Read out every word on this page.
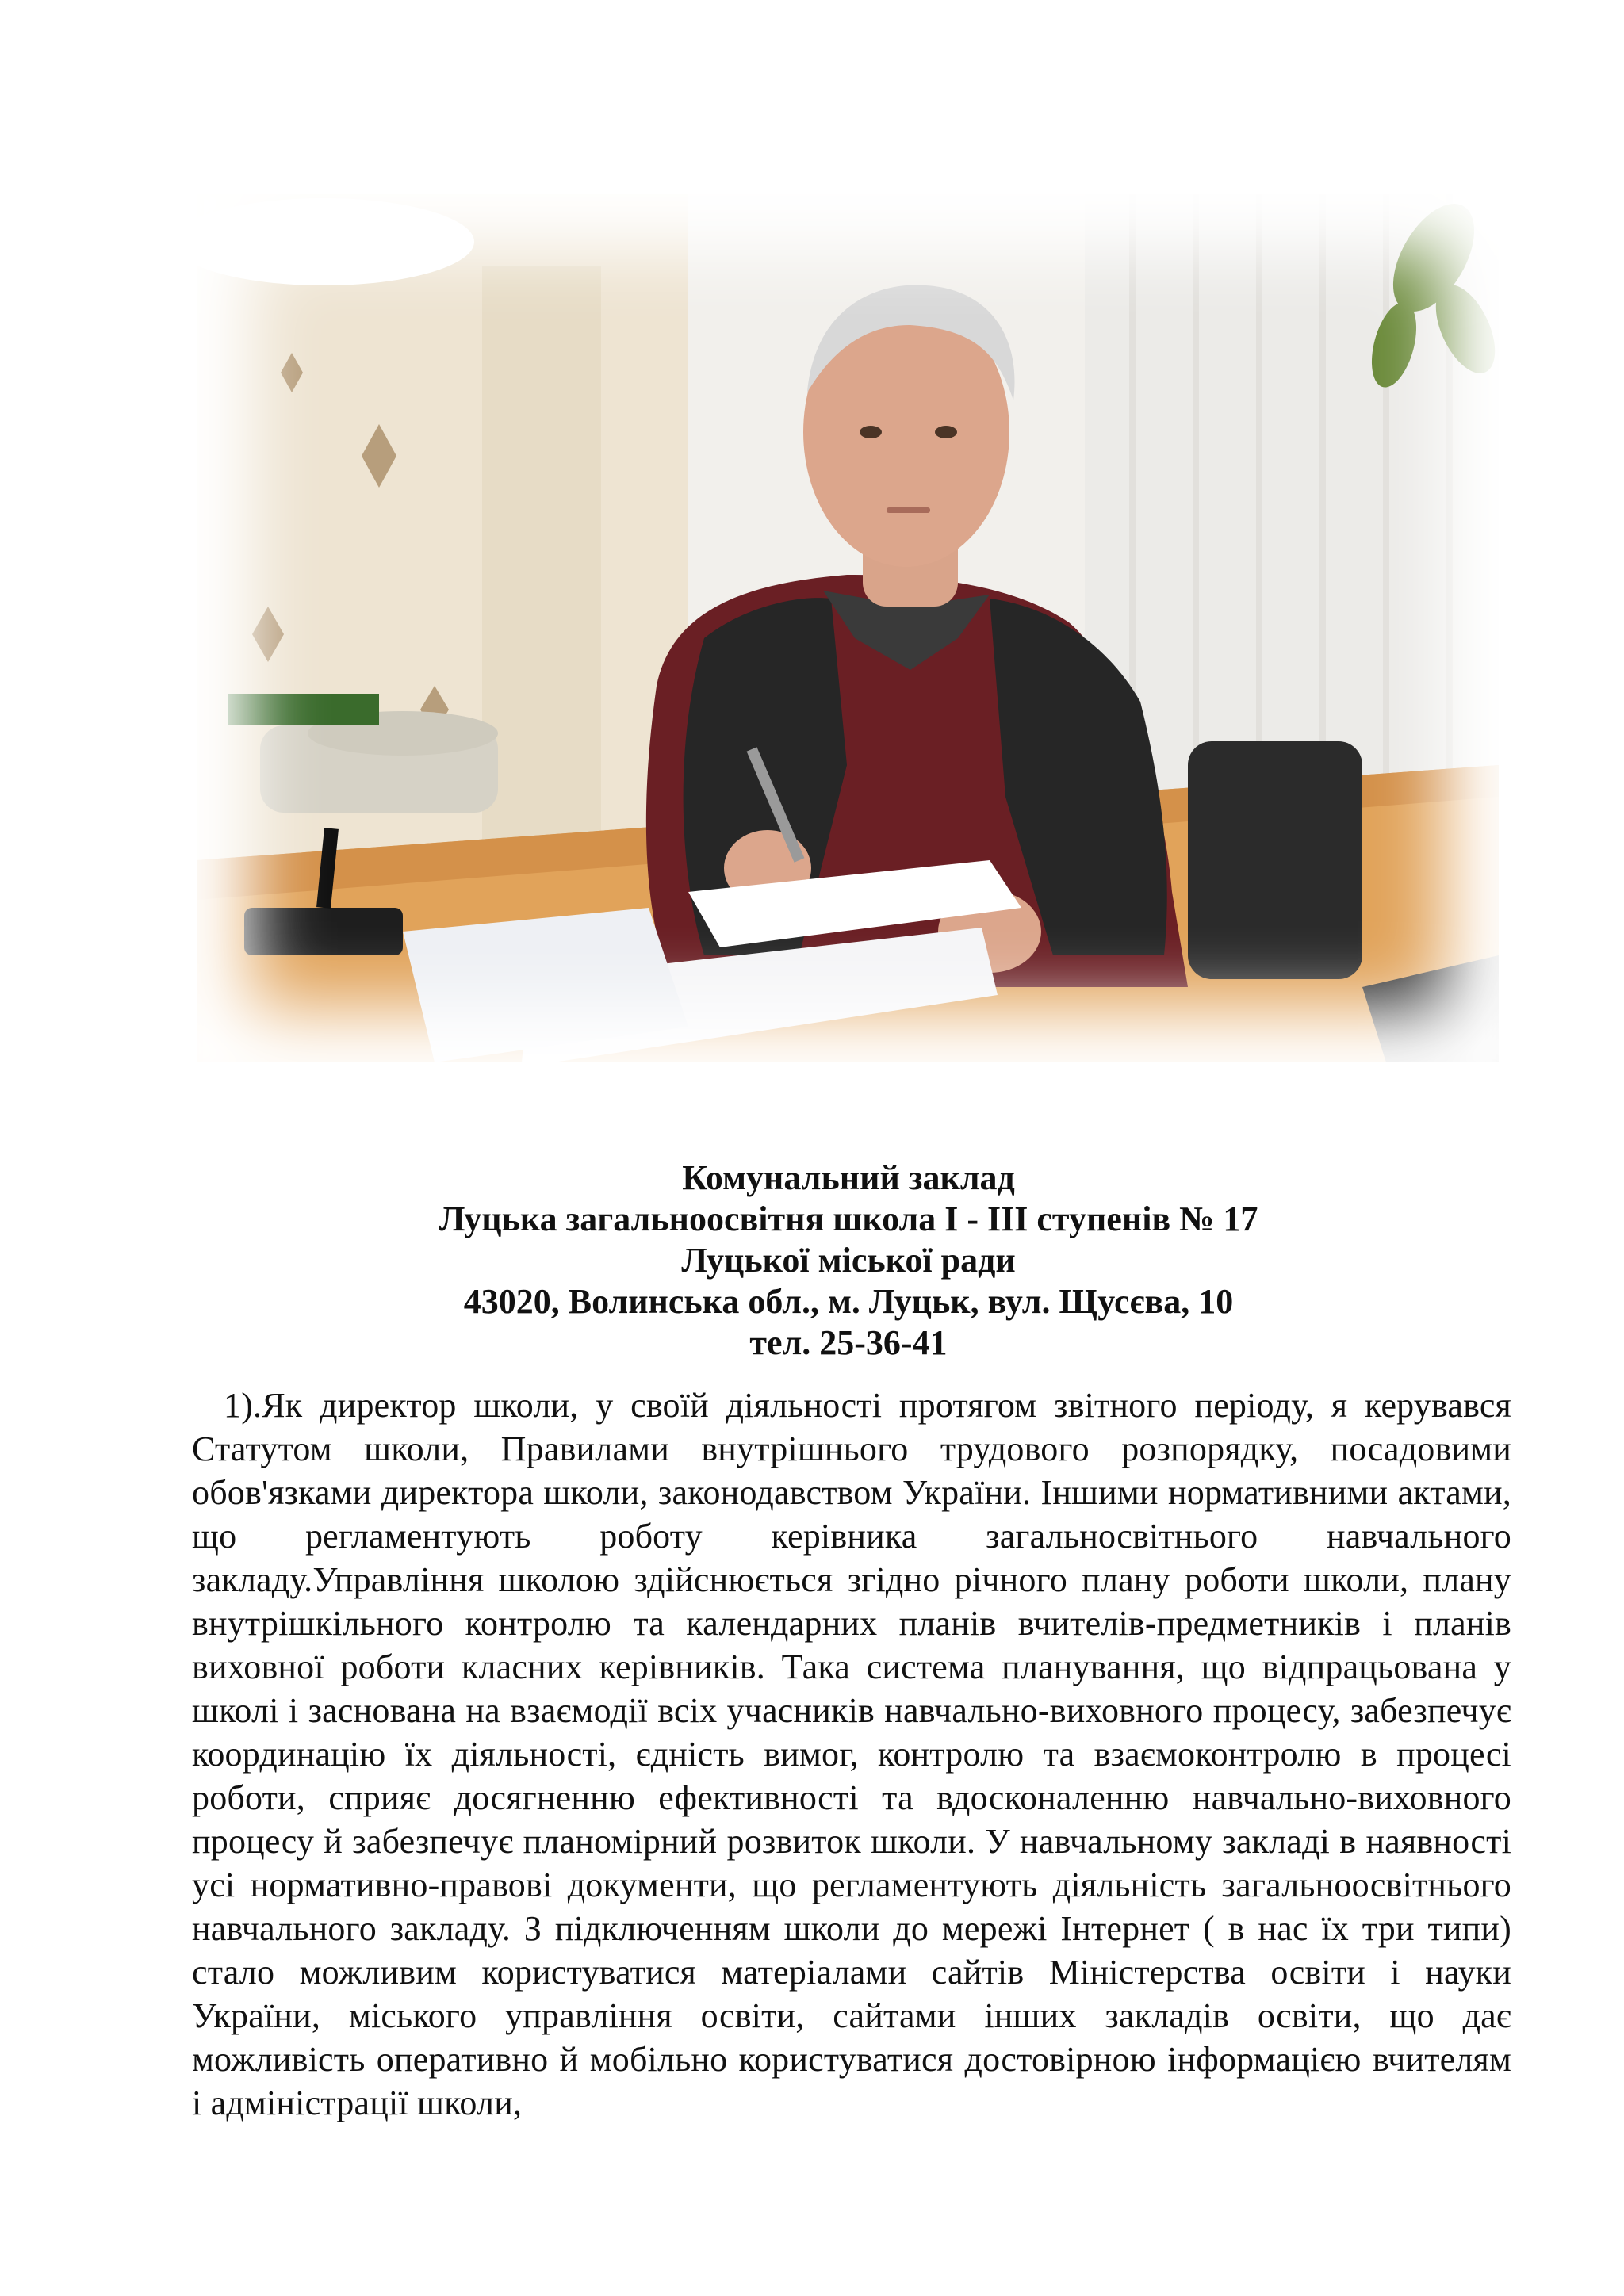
Комунальний заклад
Луцька загальноосвітня школа І - ІІІ ступенів № 17
Луцької міської ради
43020, Волинська обл., м. Луцьк, вул. Щусєва, 10
тел. 25-36-41
1).Як директор школи, у своїй діяльності протягом звітного періоду, я керувався Статутом школи, Правилами внутрішнього трудового розпорядку, посадовими обов'язками директора школи, законодавством України. Іншими нормативними актами, що регламентують роботу керівника загальносвітнього навчального закладу.Управління школою здійснюється згідно річного плану роботи школи, плану внутрішкільного контролю та календарних планів вчителів-предметників і планів виховної роботи класних керівників. Така система планування, що відпрацьована у школі і заснована на взаємодії всіх учасників навчально-виховного процесу, забезпечує координацію їх діяльності, єдність вимог, контролю та взаємоконтролю в процесі роботи, сприяє досягненню ефективності та вдосконаленню навчально-виховного процесу й забезпечує планомірний розвиток школи. У навчальному закладі в наявності усі нормативно-правові документи, що регламентують діяльність загальноосвітнього навчального закладу. З підключенням школи до мережі Інтернет ( в нас їх три типи) стало можливим користуватися матеріалами сайтів Міністерства освіти і науки України, міського управління освіти, сайтами інших закладів освіти, що дає можливість оперативно й мобільно користуватися достовірною інформацією вчителям і адміністрації школи,
